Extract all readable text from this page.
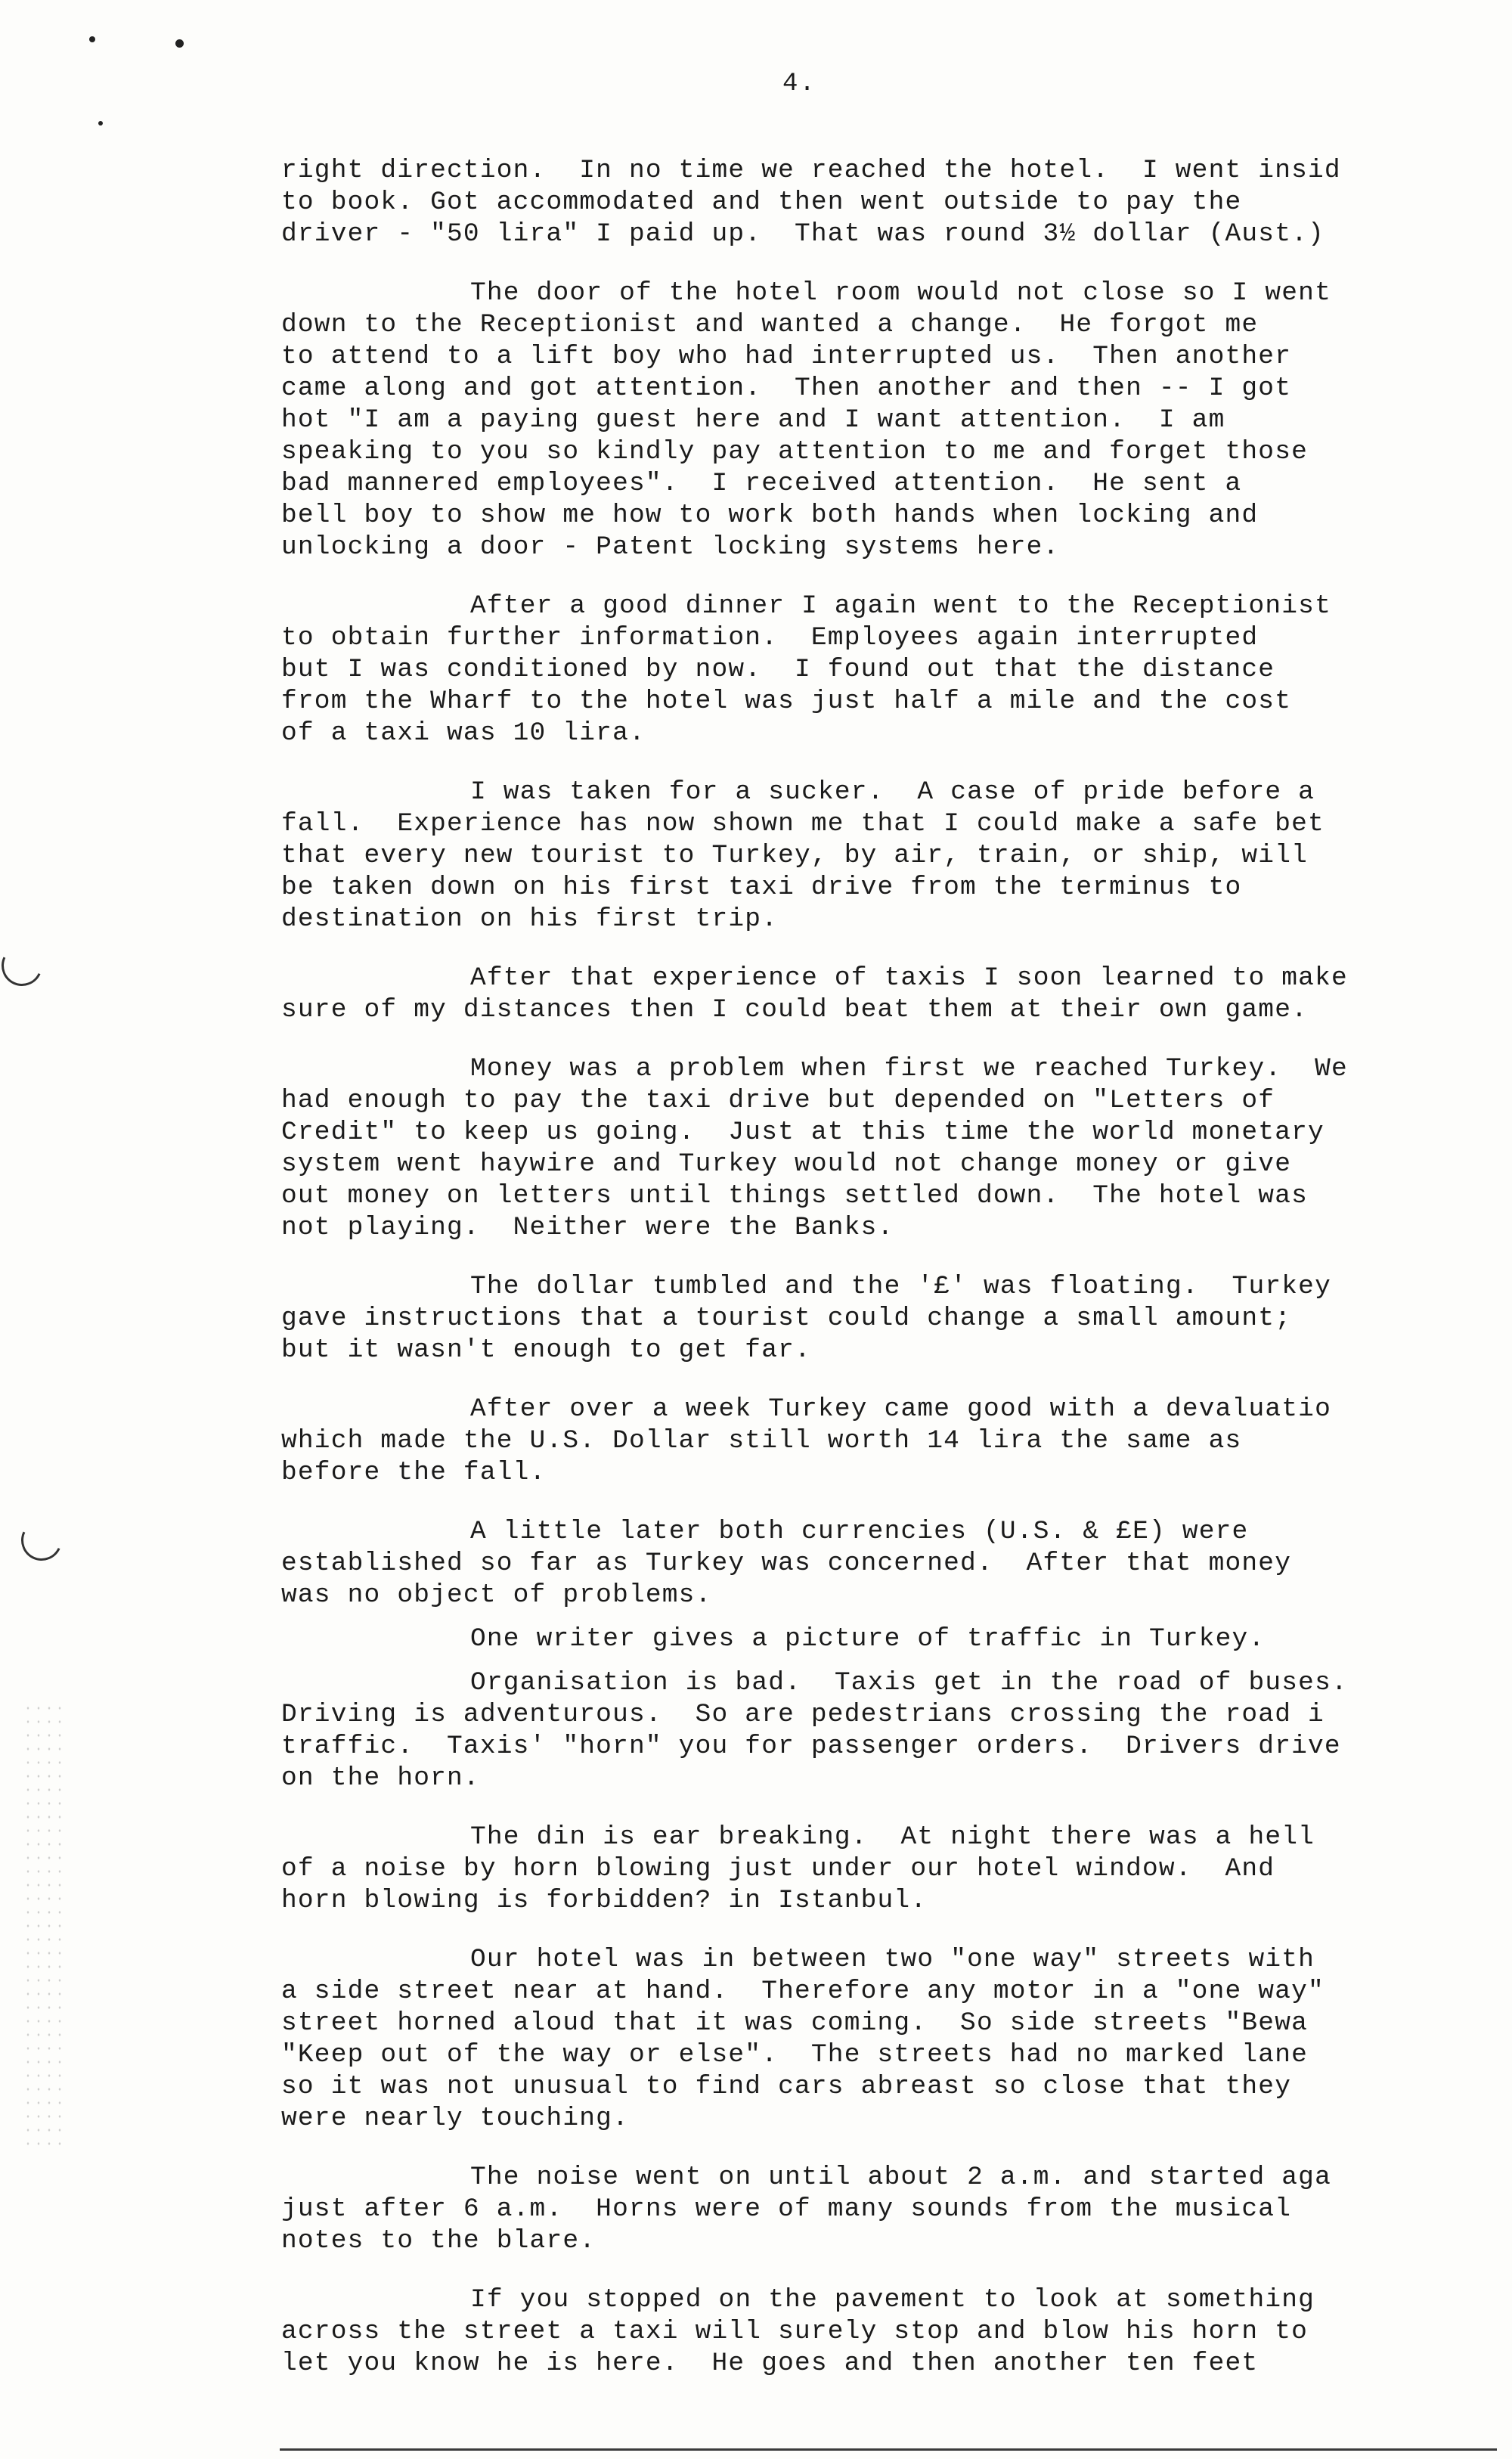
4.
right direction.  In no time we reached the hotel.  I went insid
to book. Got accommodated and then went outside to pay the
driver - "50 lira" I paid up.  That was round 3½ dollar (Aust.)
The door of the hotel room would not close so I went
down to the Receptionist and wanted a change.  He forgot me
to attend to a lift boy who had interrupted us.  Then another
came along and got attention.  Then another and then -- I got
hot "I am a paying guest here and I want attention.  I am
speaking to you so kindly pay attention to me and forget those
bad mannered employees".  I received attention.  He sent a
bell boy to show me how to work both hands when locking and
unlocking a door - Patent locking systems here.
After a good dinner I again went to the Receptionist
to obtain further information.  Employees again interrupted
but I was conditioned by now.  I found out that the distance
from the Wharf to the hotel was just half a mile and the cost
of a taxi was 10 lira.
I was taken for a sucker.  A case of pride before a
fall.  Experience has now shown me that I could make a safe bet
that every new tourist to Turkey, by air, train, or ship, will
be taken down on his first taxi drive from the terminus to
destination on his first trip.
After that experience of taxis I soon learned to make
sure of my distances then I could beat them at their own game.
Money was a problem when first we reached Turkey.  We
had enough to pay the taxi drive but depended on "Letters of
Credit" to keep us going.  Just at this time the world monetary
system went haywire and Turkey would not change money or give
out money on letters until things settled down.  The hotel was
not playing.  Neither were the Banks.
The dollar tumbled and the '£' was floating.  Turkey
gave instructions that a tourist could change a small amount;
but it wasn't enough to get far.
After over a week Turkey came good with a devaluatio
which made the U.S. Dollar still worth 14 lira the same as
before the fall.
A little later both currencies (U.S. & £E) were
established so far as Turkey was concerned.  After that money
was no object of problems.
One writer gives a picture of traffic in Turkey.
Organisation is bad.  Taxis get in the road of buses.
Driving is adventurous.  So are pedestrians crossing the road i
traffic.  Taxis' "horn" you for passenger orders.  Drivers drive
on the horn.
The din is ear breaking.  At night there was a hell
of a noise by horn blowing just under our hotel window.  And
horn blowing is forbidden? in Istanbul.
Our hotel was in between two "one way" streets with
a side street near at hand.  Therefore any motor in a "one way"
street horned aloud that it was coming.  So side streets "Bewa
"Keep out of the way or else".  The streets had no marked lane
so it was not unusual to find cars abreast so close that they
were nearly touching.
The noise went on until about 2 a.m. and started aga
just after 6 a.m.  Horns were of many sounds from the musical
notes to the blare.
If you stopped on the pavement to look at something
across the street a taxi will surely stop and blow his horn to
let you know he is here.  He goes and then another ten feet
